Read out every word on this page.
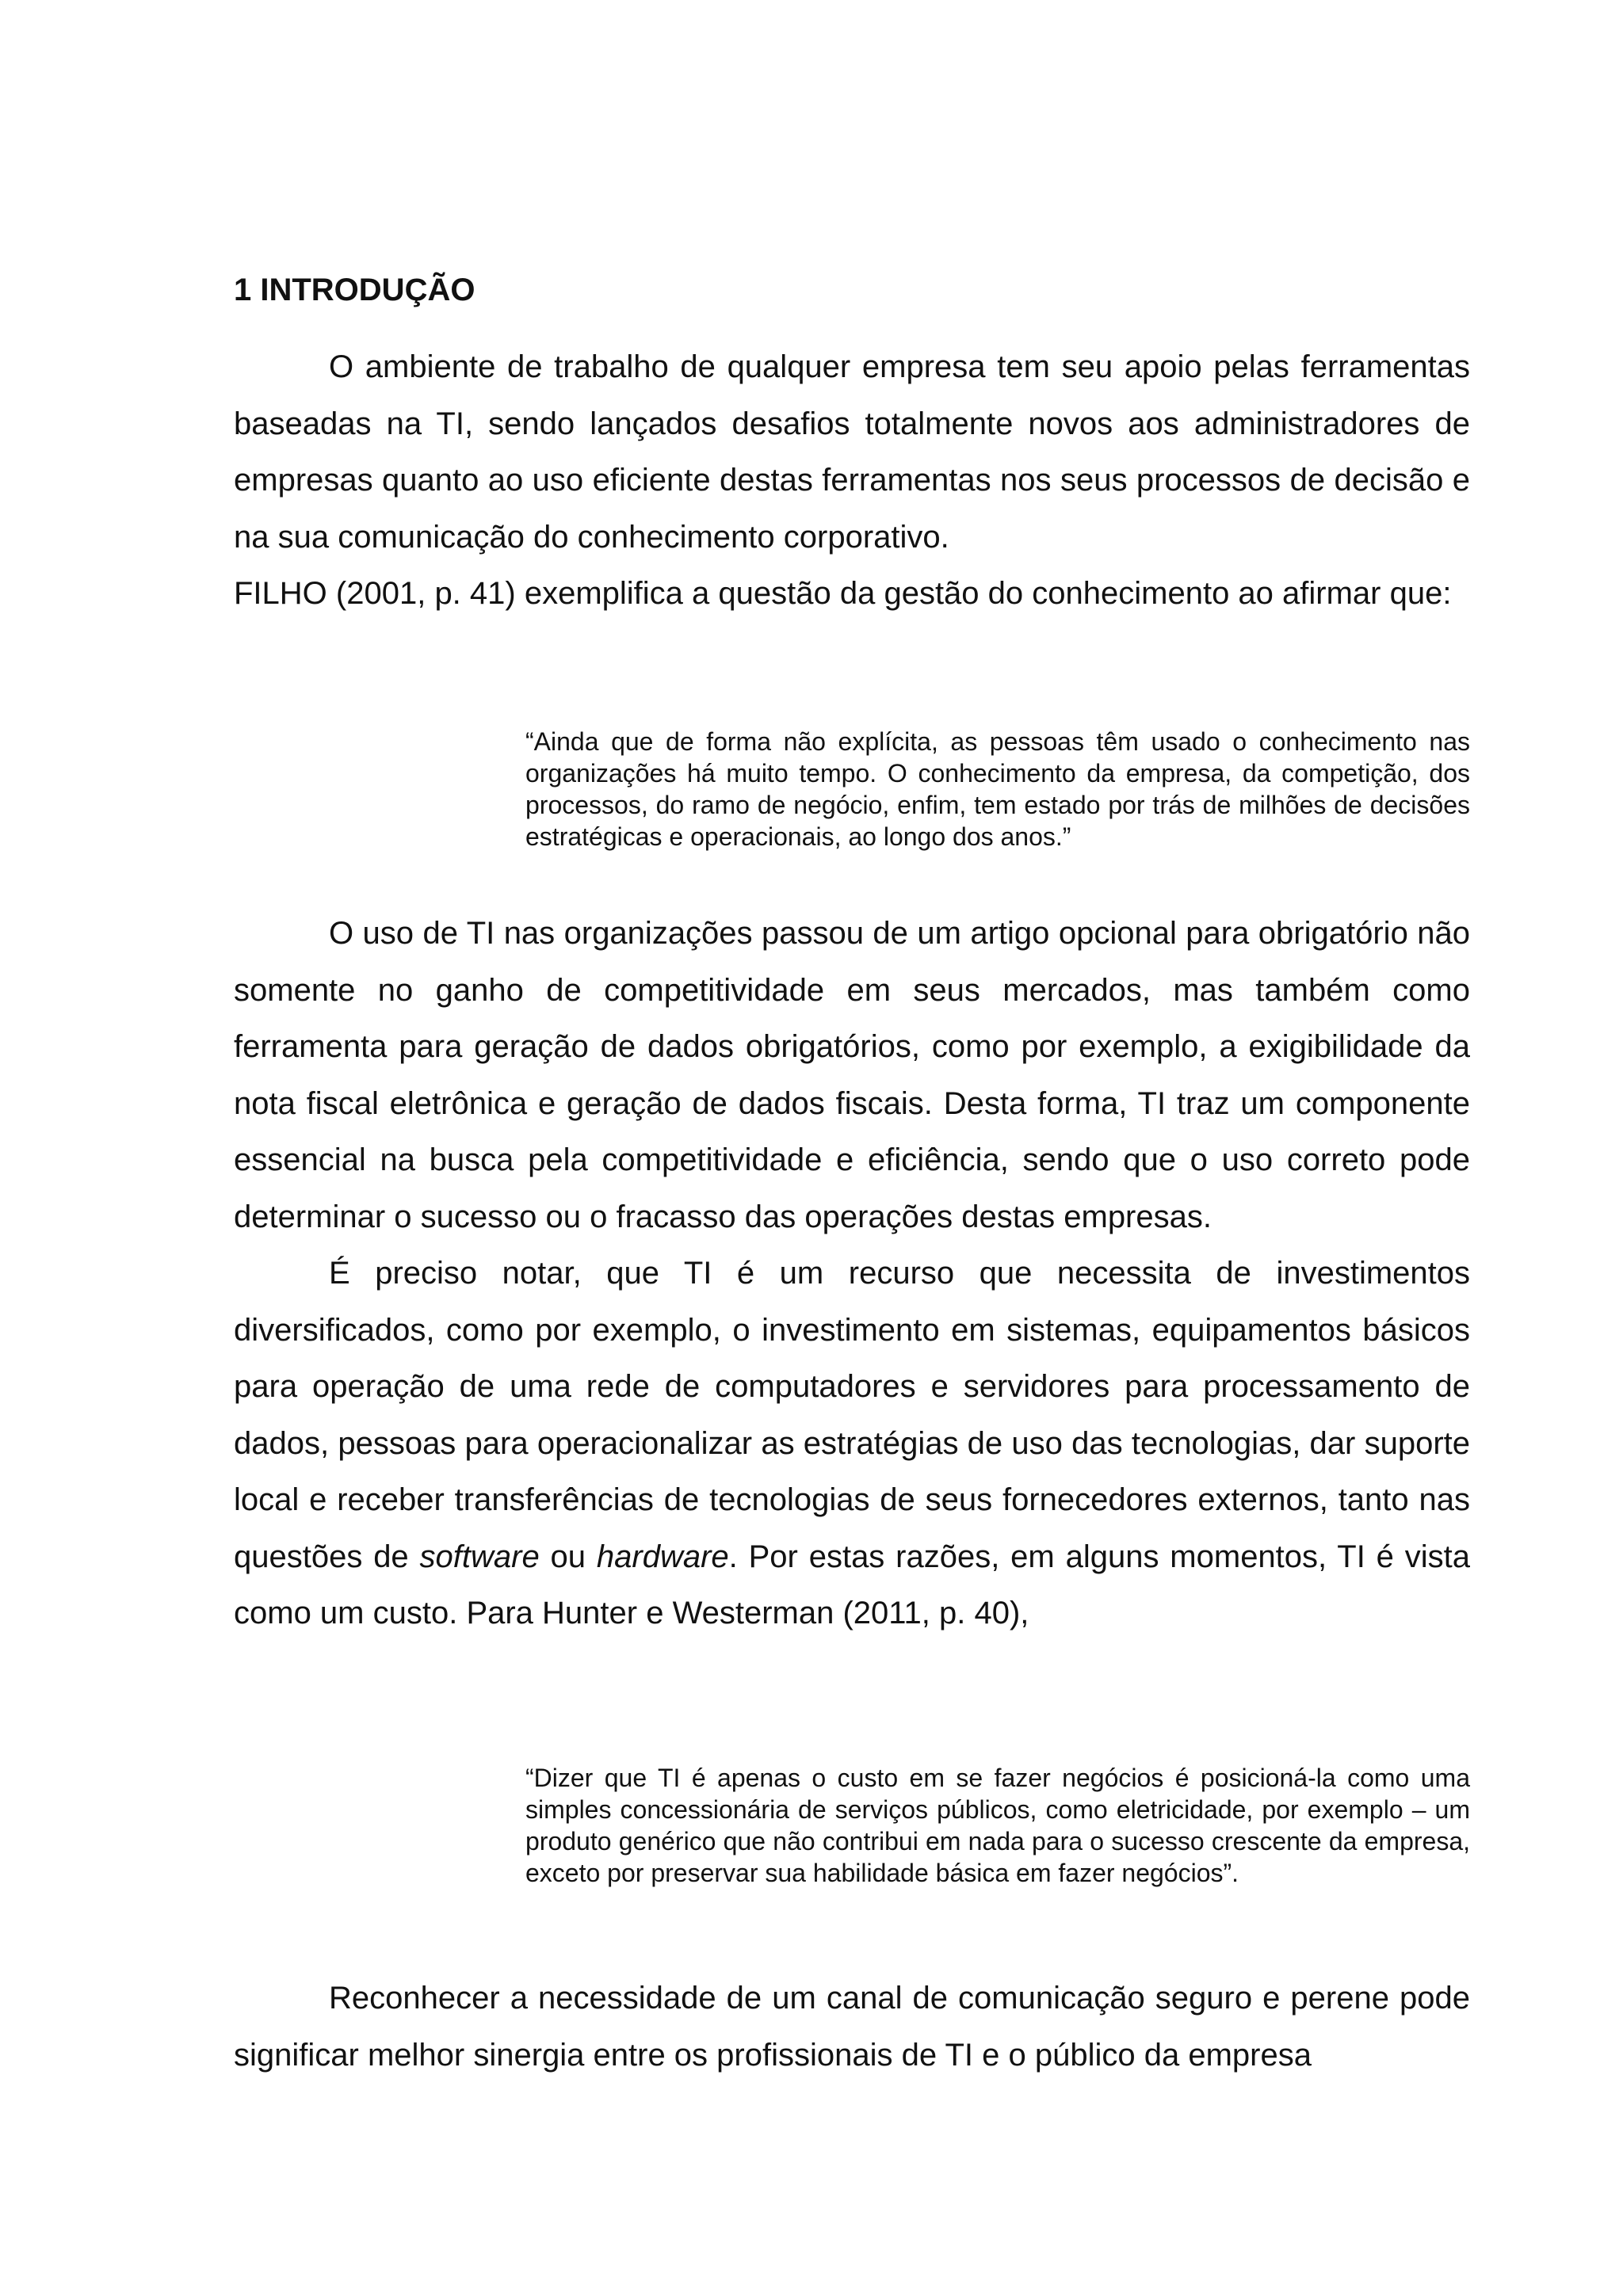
1 INTRODUÇÃO

O ambiente de trabalho de qualquer empresa tem seu apoio pelas ferramentas baseadas na TI, sendo lançados desafios totalmente novos aos administradores de empresas quanto ao uso eficiente destas ferramentas nos seus processos de decisão e na sua comunicação do conhecimento corporativo.

FILHO (2001, p. 41) exemplifica a questão da gestão do conhecimento ao afirmar que:

“Ainda que de forma não explícita, as pessoas têm usado o conhecimento nas organizações há muito tempo. O conhecimento da empresa, da competição, dos processos, do ramo de negócio, enfim, tem estado por trás de milhões de decisões estratégicas e operacionais, ao longo dos anos.”

O uso de TI nas organizações passou de um artigo opcional para obrigatório não somente no ganho de competitividade em seus mercados, mas também como ferramenta para geração de dados obrigatórios, como por exemplo, a exigibilidade da nota fiscal eletrônica e geração de dados fiscais. Desta forma, TI traz um componente essencial na busca pela competitividade e eficiência, sendo que o uso correto pode determinar o sucesso ou o fracasso das operações destas empresas.

É preciso notar, que TI é um recurso que necessita de investimentos diversificados, como por exemplo, o investimento em sistemas, equipamentos básicos para operação de uma rede de computadores e servidores para processamento de dados, pessoas para operacionalizar as estratégias de uso das tecnologias, dar suporte local e receber transferências de tecnologias de seus fornecedores externos, tanto nas questões de software ou hardware. Por estas razões, em alguns momentos, TI é vista como um custo. Para Hunter e Westerman (2011, p. 40),

“Dizer que TI é apenas o custo em se fazer negócios é posicioná-la como uma simples concessionária de serviços públicos, como eletricidade, por exemplo – um produto genérico que não contribui em nada para o sucesso crescente da empresa, exceto por preservar sua habilidade básica em fazer negócios”.

Reconhecer a necessidade de um canal de comunicação seguro e perene pode significar melhor sinergia entre os profissionais de TI e o público da empresa
